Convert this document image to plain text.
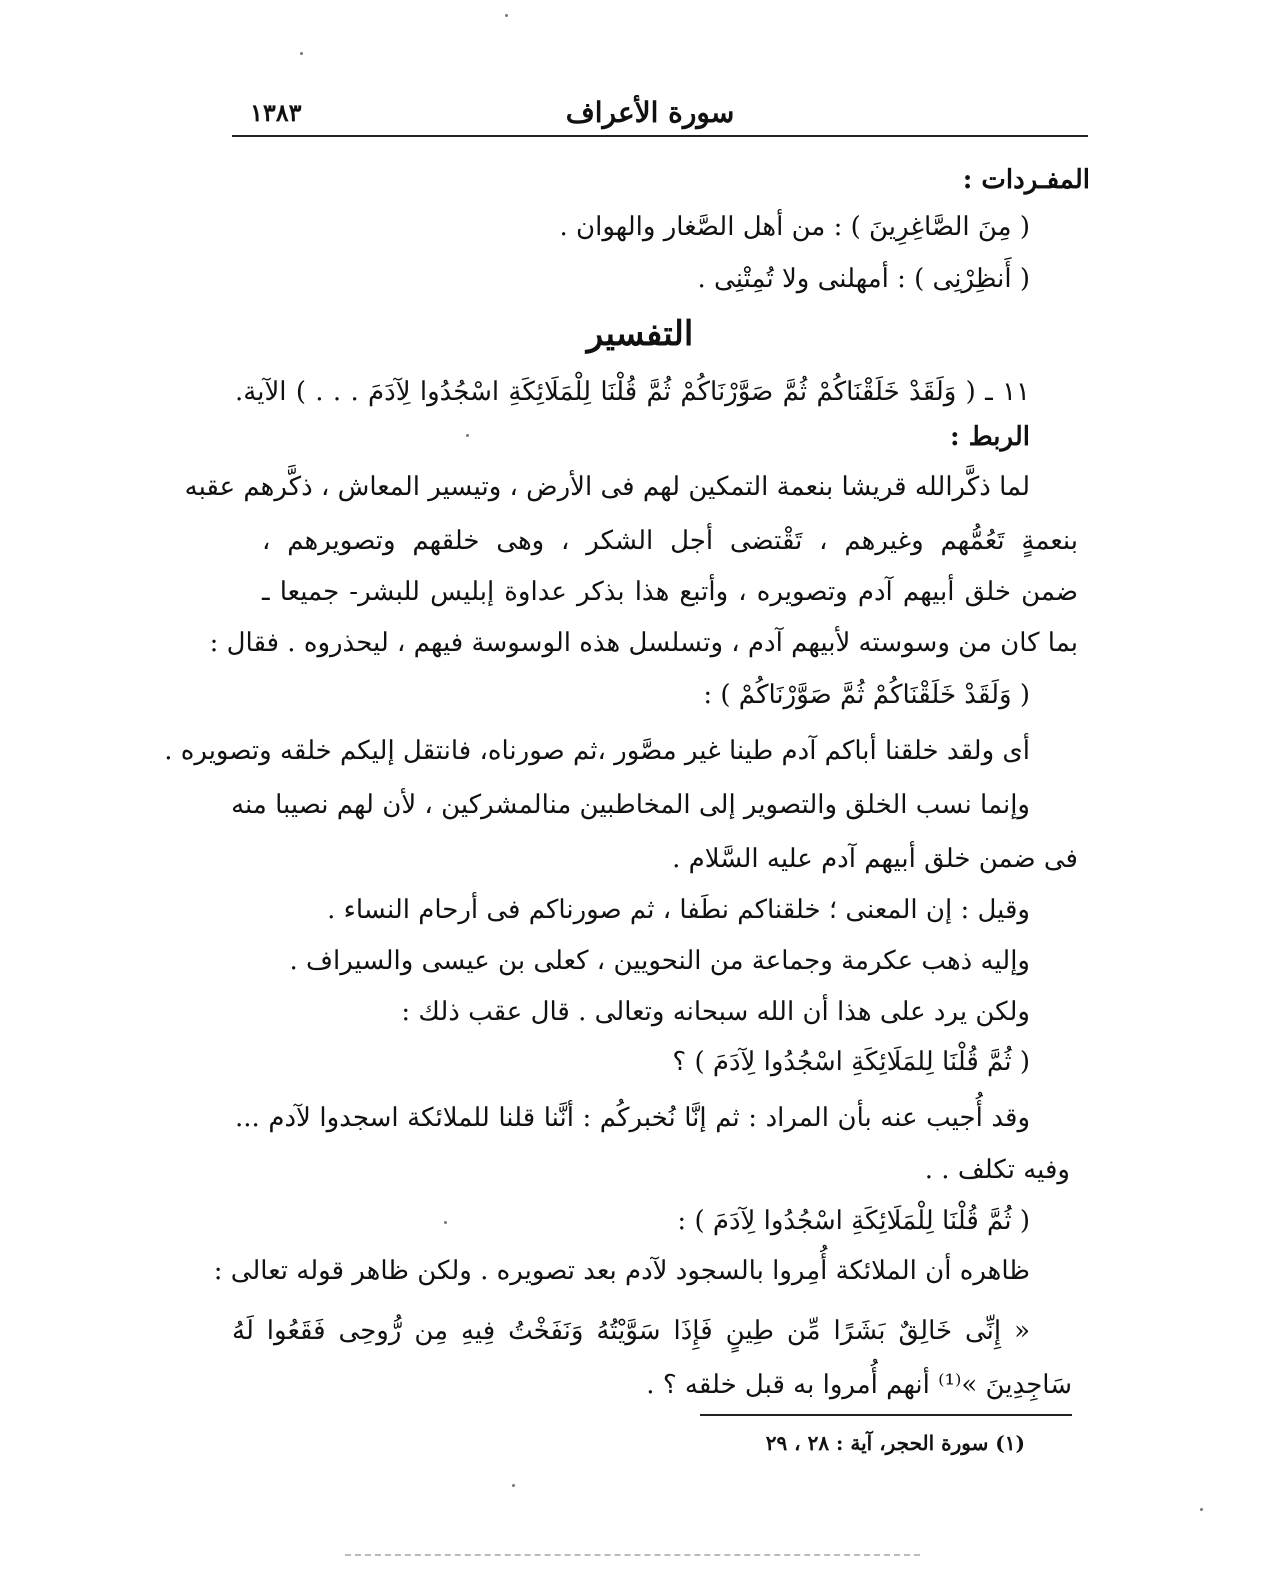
سورة الأعراف
١٣٨٣
المفـردات :
( مِنَ الصَّاغِرِينَ ) : من أهل الصَّغار والهوان .
( أَنظِرْنِى ) : أمهلنى ولا تُمِتْنِى .
التفسير
١١ ـ ( وَلَقَدْ خَلَقْنَاكُمْ ثُمَّ صَوَّرْنَاكُمْ ثُمَّ قُلْنَا لِلْمَلَائِكَةِ اسْجُدُوا لِآدَمَ . . . ) الآية.
الربط :
لما ذكَّرالله قريشا بنعمة التمكين لهم فى الأرض ، وتيسير المعاش ، ذكَّرهم عقبه
بنعمةٍ تَعُمُّهم وغيرهم ، تَقْتضى أجل الشكر ، وهى خلقهم وتصويرهم ،
ضمن خلق أبيهم آدم وتصويره ، وأتبع هذا بذكر عداوة إبليس للبشر- جميعا ـ
بما كان من وسوسته لأبيهم آدم ، وتسلسل هذه الوسوسة فيهم ، ليحذروه . فقال :
( وَلَقَدْ خَلَقْنَاكُمْ ثُمَّ صَوَّرْنَاكُمْ ) :
أى ولقد خلقنا أباكم آدم طينا غير مصَّور ،ثم صورناه، فانتقل إليكم خلقه وتصويره .
وإنما نسب الخلق والتصوير إلى المخاطبين منالمشركين ، لأن لهم نصيبا منه
فى ضمن خلق أبيهم آدم عليه السَّلام .
وقيل : إن المعنى ؛ خلقناكم نطَفا ، ثم صورناكم فى أرحام النساء .
وإليه ذهب عكرمة وجماعة من النحويين ، كعلى بن عيسى والسيراف .
ولكن يرد على هذا أن الله سبحانه وتعالى . قال عقب ذلك :
( ثُمَّ قُلْنَا لِلمَلَائِكَةِ اسْجُدُوا لِآدَمَ ) ؟
وقد أُجيب عنه بأن المراد : ثم إنَّا نُخبركُم : أنَّنا قلنا للملائكة اسجدوا لآدم ...
وفيه تكلف . .
( ثُمَّ قُلْنَا لِلْمَلَائِكَةِ اسْجُدُوا لِآدَمَ ) :
ظاهره أن الملائكة أُمِروا بالسجود لآدم بعد تصويره . ولكن ظاهر قوله تعالى :
« إِنِّى خَالِقٌ بَشَرًا مِّن طِينٍ فَإِذَا سَوَّيْتُهُ وَنَفَخْتُ فِيهِ مِن رُّوحِى فَقَعُوا لَهُ
سَاجِدِينَ »⁽¹⁾ أنهم أُمروا به قبل خلقه ؟ .
(١) سورة الحجر، آية : ٢٨ ، ٢٩
